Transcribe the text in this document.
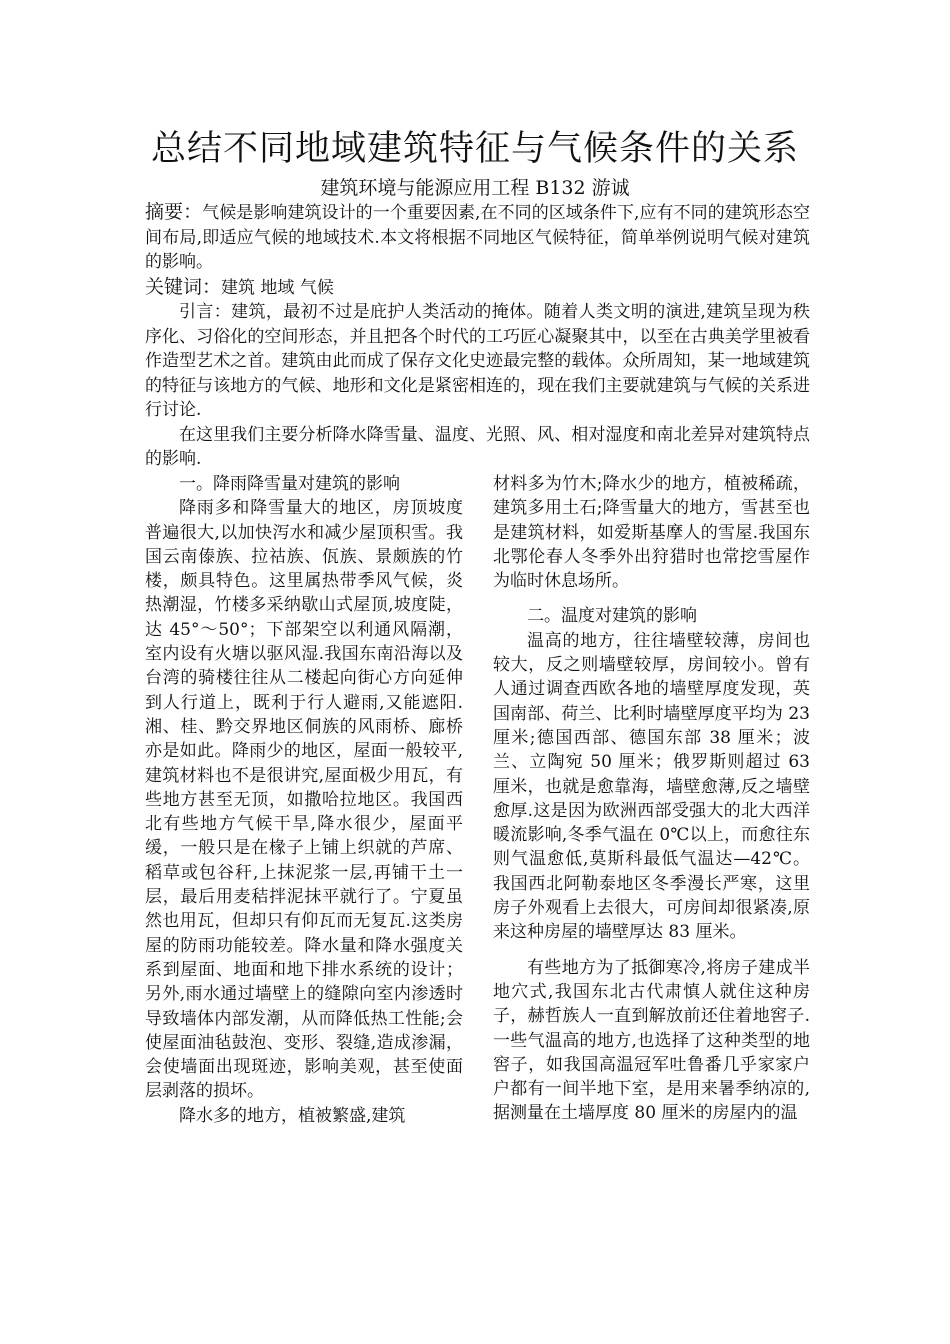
总结不同地域建筑特征与气候条件的关系
建筑环境与能源应用工程 B132 游诚
摘要：气候是影响建筑设计的一个重要因素,在不同的区域条件下,应有不同的建筑形态空间布局,即适应气候的地域技术.本文将根据不同地区气候特征，简单举例说明气候对建筑的影响。
关键词：建筑 地域 气候

引言：建筑，最初不过是庇护人类活动的掩体。随着人类文明的演进,建筑呈现为秩序化、习俗化的空间形态，并且把各个时代的工巧匠心凝聚其中，以至在古典美学里被看作造型艺术之首。建筑由此而成了保存文化史迹最完整的载体。众所周知，某一地域建筑的特征与该地方的气候、地形和文化是紧密相连的，现在我们主要就建筑与气候的关系进行讨论.

在这里我们主要分析降水降雪量、温度、光照、风、相对湿度和南北差异对建筑特点的影响.

一。降雨降雪量对建筑的影响

降雨多和降雪量大的地区，房顶坡度普遍很大,以加快泻水和减少屋顶积雪。我国云南傣族、拉祜族、佤族、景颇族的竹楼，颇具特色。这里属热带季风气候，炎热潮湿，竹楼多采纳歇山式屋顶,坡度陡，达 45°～50°；下部架空以利通风隔潮，室内设有火塘以驱风湿.我国东南沿海以及台湾的骑楼往往从二楼起向街心方向延伸到人行道上，既利于行人避雨,又能遮阳.湘、桂、黔交界地区侗族的风雨桥、廊桥亦是如此。降雨少的地区，屋面一般较平,建筑材料也不是很讲究,屋面极少用瓦，有些地方甚至无顶，如撒哈拉地区。我国西北有些地方气候干旱,降水很少，屋面平缓，一般只是在椽子上铺上织就的芦席、稻草或包谷秆,上抹泥浆一层,再铺干土一层，最后用麦秸拌泥抹平就行了。宁夏虽然也用瓦，但却只有仰瓦而无复瓦.这类房屋的防雨功能较差。降水量和降水强度关系到屋面、地面和地下排水系统的设计；另外,雨水通过墙壁上的缝隙向室内渗透时导致墙体内部发潮，从而降低热工性能;会使屋面油毡鼓泡、变形、裂缝,造成渗漏，会使墙面出现斑迹，影响美观，甚至使面层剥落的损坏。

降水多的地方，植被繁盛,建筑

材料多为竹木;降水少的地方，植被稀疏，建筑多用土石;降雪量大的地方，雪甚至也是建筑材料，如爱斯基摩人的雪屋.我国东北鄂伦春人冬季外出狩猎时也常挖雪屋作为临时休息场所。

二。温度对建筑的影响

温高的地方，往往墙壁较薄，房间也较大，反之则墙壁较厚，房间较小。曾有人通过调查西欧各地的墙壁厚度发现，英国南部、荷兰、比利时墙壁厚度平均为 23 厘米;德国西部、德国东部 38 厘米；波兰、立陶宛 50 厘米；俄罗斯则超过 63 厘米，也就是愈靠海，墙壁愈薄,反之墙壁愈厚.这是因为欧洲西部受强大的北大西洋暖流影响,冬季气温在 0℃以上，而愈往东则气温愈低,莫斯科最低气温达—42℃。我国西北阿勒泰地区冬季漫长严寒，这里房子外观看上去很大，可房间却很紧凑,原来这种房屋的墙壁厚达 83 厘米。

有些地方为了抵御寒冷,将房子建成半地穴式,我国东北古代肃慎人就住这种房子，赫哲族人一直到解放前还住着地窖子.一些气温高的地方,也选择了这种类型的地窖子，如我国高温冠军吐鲁番几乎家家户户都有一间半地下室，是用来暑季纳凉的,据测量在土墙厚度 80 厘米的房屋内的温
